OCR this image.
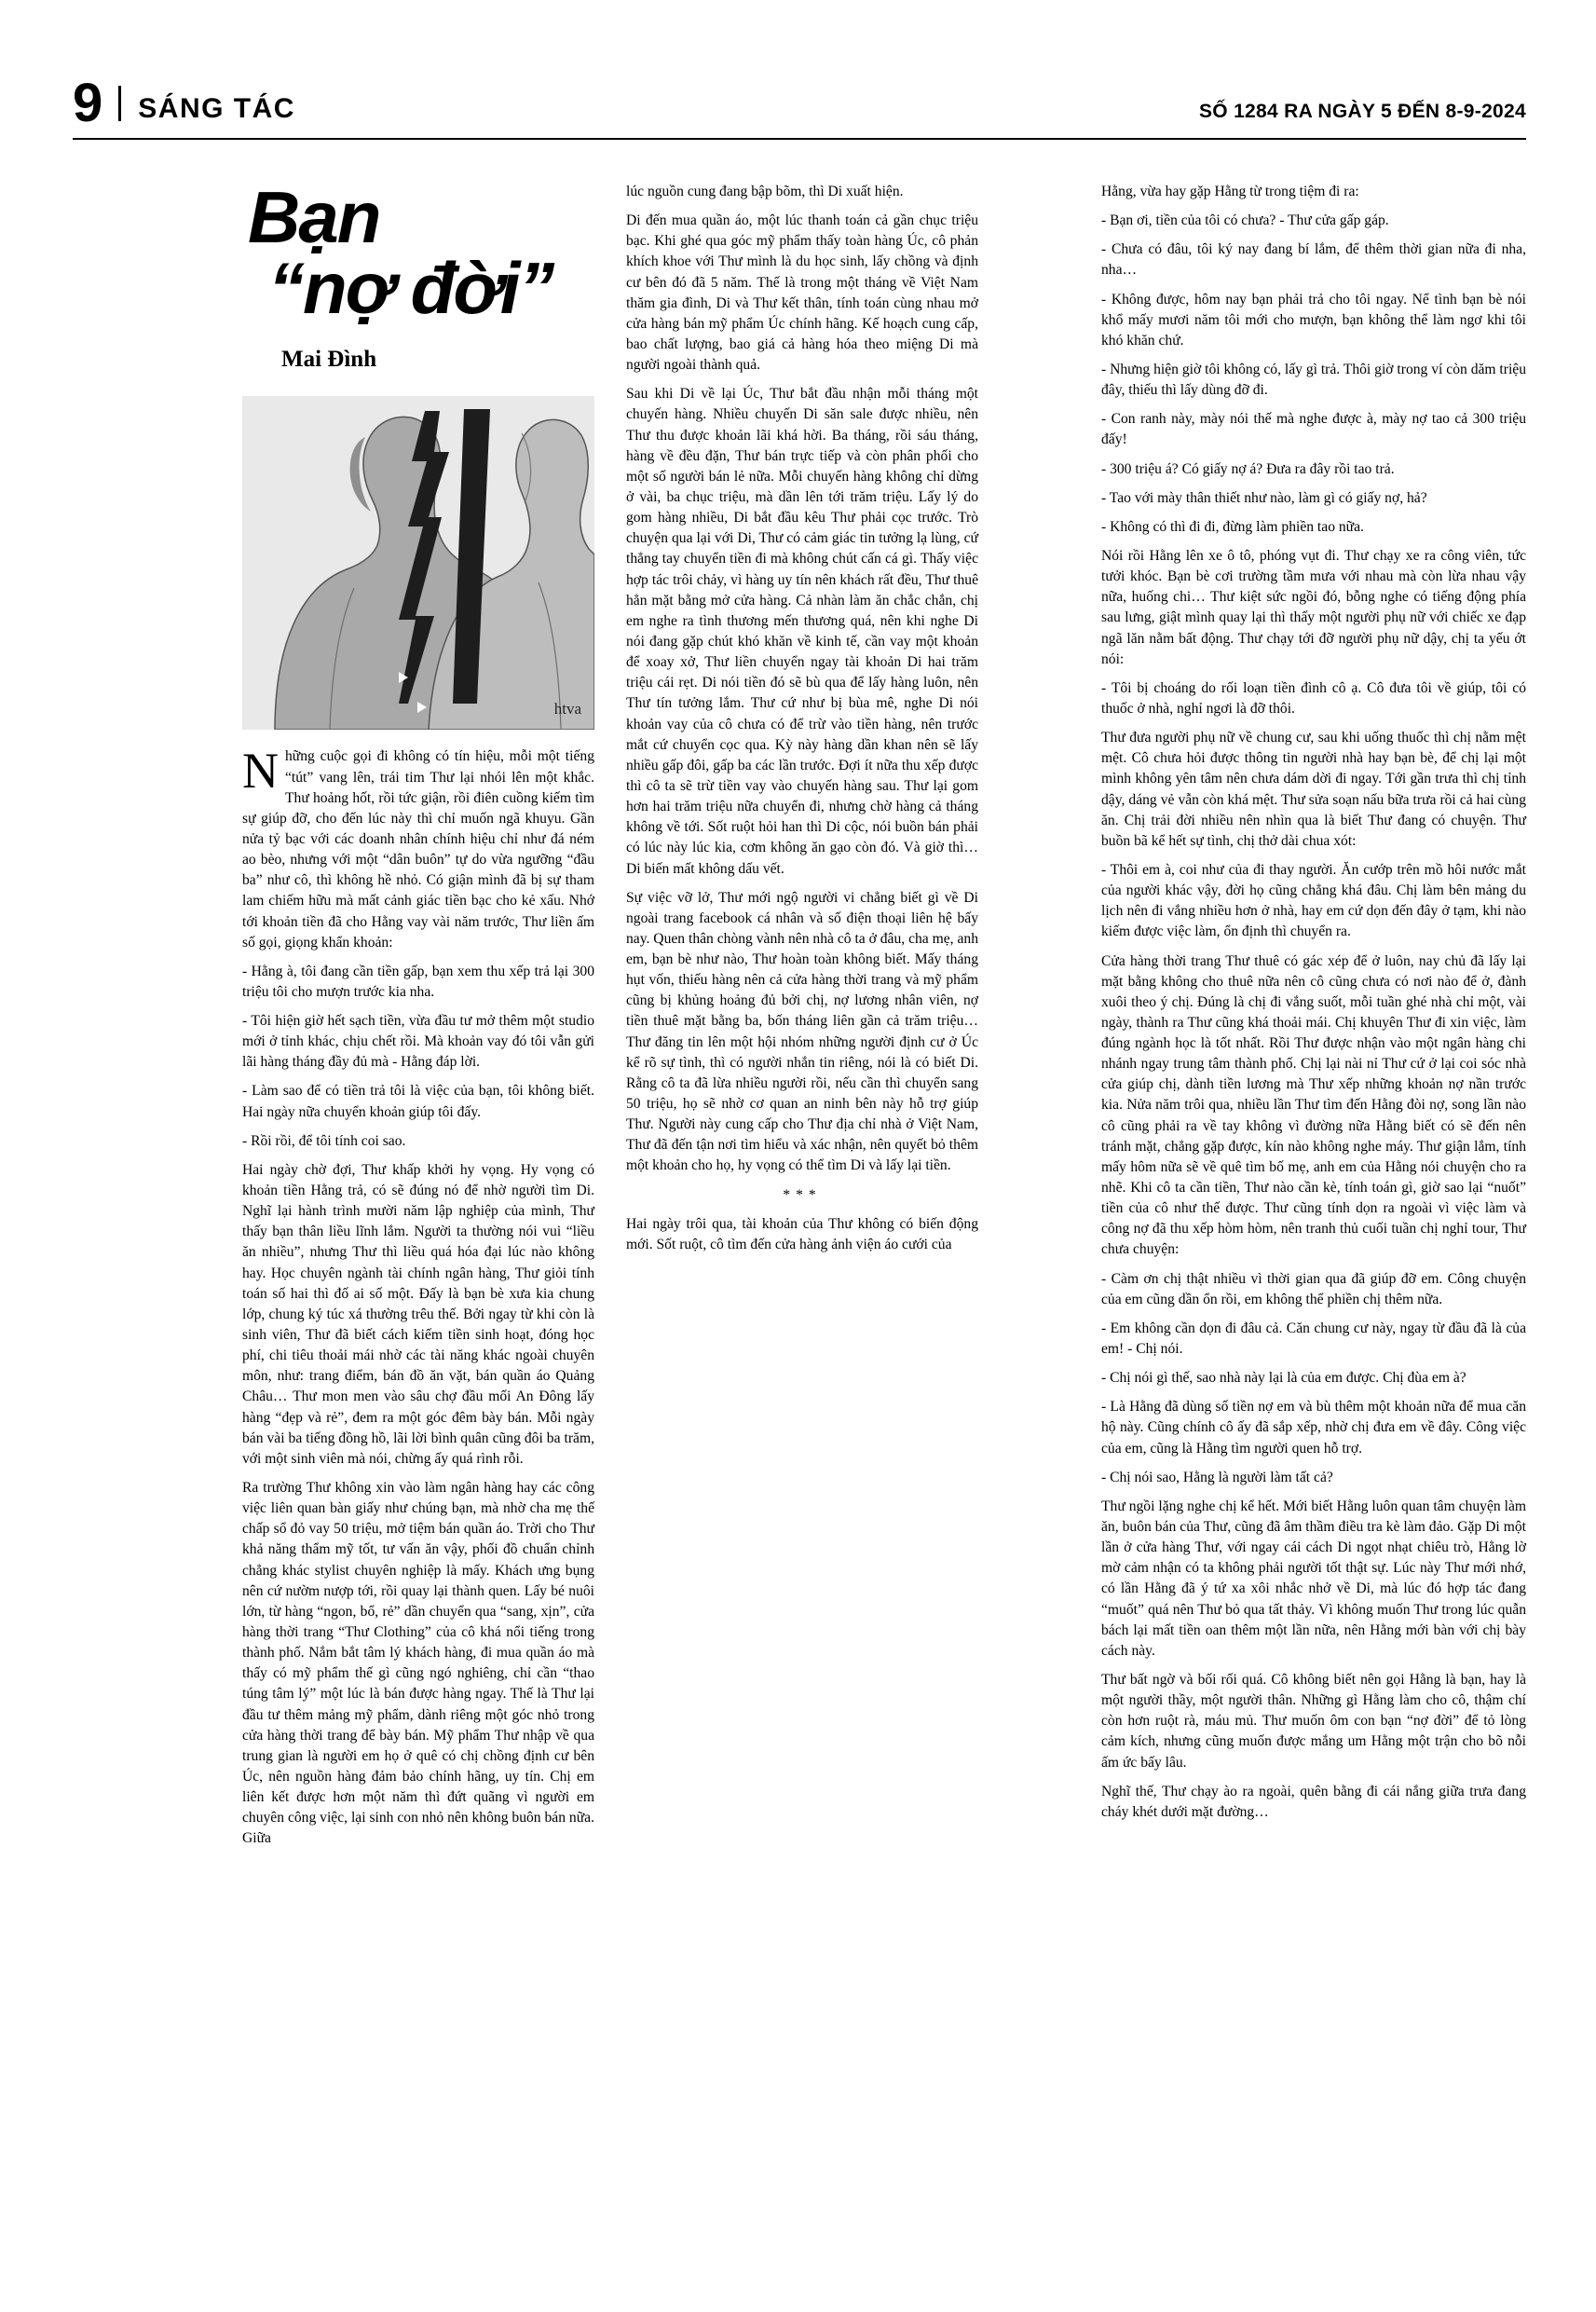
9 SÁNG TÁC	SỐ 1284 RA NGÀY 5 ĐẾN 8-9-2024
Bạn
“nợ đời”
Mai Đình
htva

Những cuộc gọi đi không có tín hiệu, mỗi một tiếng “tút” vang lên, trái tim Thư lại nhói lên một khắc. Thư hoảng hốt, rồi tức giận, rồi điên cuồng kiếm tìm sự giúp đỡ, cho đến lúc này thì chỉ muốn ngã khuyu. Gần nửa tỷ bạc với các doanh nhân chính hiệu chỉ như đá ném ao bèo, nhưng với một “dân buôn” tự do vừa ngưỡng “đầu ba” như cô, thì không hề nhỏ. Có giận mình đã bị sự tham lam chiếm hữu mà mất cảnh giác tiền bạc cho kẻ xấu. Nhớ tới khoản tiền đã cho Hằng vay vài năm trước, Thư liền ấm số gọi, giọng khẩn khoản:

- Hằng à, tôi đang cần tiền gấp, bạn xem thu xếp trả lại 300 triệu tôi cho mượn trước kia nha.

- Tôi hiện giờ hết sạch tiền, vừa đầu tư mở thêm một studio mới ở tỉnh khác, chịu chết rồi. Mà khoản vay đó tôi vẫn gửi lãi hàng tháng đầy đủ mà - Hằng đáp lời.

- Làm sao để có tiền trả tôi là việc của bạn, tôi không biết. Hai ngày nữa chuyển khoản giúp tôi đấy.

- Rồi rồi, để tôi tính coi sao.

Hai ngày chờ đợi, Thư khấp khởi hy vọng. Hy vọng có khoản tiền Hằng trả, có sẽ đúng nó để nhờ người tìm Di. Nghĩ lại hành trình mười năm lập nghiệp của mình, Thư thấy bạn thân liều lĩnh lắm. Người ta thường nói vui “liều ăn nhiều”, nhưng Thư thì liều quá hóa đại lúc nào không hay. Học chuyên ngành tài chính ngân hàng, Thư giỏi tính toán số hai thì đố ai số một. Đấy là bạn bè xưa kia chung lớp, chung ký túc xá thường trêu thế. Bởi ngay từ khi còn là sinh viên, Thư đã biết cách kiếm tiền sinh hoạt, đóng học phí, chi tiêu thoải mái nhờ các tài năng khác ngoài chuyên môn, như: trang điểm, bán đồ ăn vặt, bán quần áo Quảng Châu… Thư mon men vào sâu chợ đầu mối An Đông lấy hàng “đẹp và rẻ”, đem ra một góc đêm bày bán. Mỗi ngày bán vài ba tiếng đồng hồ, lãi lời bình quân cũng đôi ba trăm, với một sinh viên mà nói, chừng ấy quá rình rỗi.

Ra trường Thư không xin vào làm ngân hàng hay các công việc liên quan bàn giấy như chúng bạn, mà nhờ cha mẹ thế chấp sổ đỏ vay 50 triệu, mở tiệm bán quần áo. Trời cho Thư khả năng thẩm mỹ tốt, tư vấn ăn vậy, phối đồ chuẩn chỉnh chẳng khác stylist chuyên nghiệp là mấy. Khách ưng bụng nên cứ nườm nượp tới, rồi quay lại thành quen. Lấy bé nuôi lớn, từ hàng “ngon, bổ, rẻ” dần chuyển qua “sang, xịn”, cửa hàng thời trang “Thư Clothing” của cô khá nổi tiếng trong thành phố. Nắm bắt tâm lý khách hàng, đi mua quần áo mà thấy có mỹ phẩm thế gì cũng ngó nghiêng, chỉ cần “thao túng tâm lý” một lúc là bán được hàng ngay. Thế là Thư lại đầu tư thêm mảng mỹ phẩm, dành riêng một góc nhỏ trong cửa hàng thời trang để bày bán. Mỹ phẩm Thư nhập về qua trung gian là người em họ ở quê có chị chồng định cư bên Úc, nên nguồn hàng đảm bảo chính hãng, uy tín. Chị em liên kết được hơn một năm thì đứt quãng vì người em chuyên công việc, lại sinh con nhỏ nên không buôn bán nữa. Giữa

lúc nguồn cung đang bập bõm, thì Di xuất hiện.

Di đến mua quần áo, một lúc thanh toán cả gần chục triệu bạc. Khi ghé qua góc mỹ phẩm thấy toàn hàng Úc, cô phản khích khoe với Thư mình là du học sinh, lấy chồng và định cư bên đó đã 5 năm. Thế là trong một tháng về Việt Nam thăm gia đình, Di và Thư kết thân, tính toán cùng nhau mở cửa hàng bán mỹ phẩm Úc chính hãng. Kế hoạch cung cấp, bao chất lượng, bao giá cả hàng hóa theo miệng Di mà người ngoài thành quả.

Sau khi Di về lại Úc, Thư bắt đầu nhận mỗi tháng một chuyến hàng. Nhiều chuyến Di săn sale được nhiều, nên Thư thu được khoản lãi khá hời. Ba tháng, rồi sáu tháng, hàng về đều đặn, Thư bán trực tiếp và còn phân phối cho một số người bán lẻ nữa. Mỗi chuyến hàng không chỉ dừng ở vài, ba chục triệu, mà dần lên tới trăm triệu. Lấy lý do gom hàng nhiều, Di bắt đầu kêu Thư phải cọc trước. Trò chuyện qua lại với Di, Thư có cảm giác tin tưởng lạ lùng, cứ thẳng tay chuyển tiền đi mà không chút cấn cá gì. Thấy việc hợp tác trôi chảy, vì hàng uy tín nên khách rất đều, Thư thuê hẳn mặt bằng mở cửa hàng. Cả nhàn làm ăn chắc chắn, chị em nghe ra tình thương mến thương quá, nên khi nghe Di nói đang gặp chút khó khăn về kinh tế, cần vay một khoản để xoay xở, Thư liền chuyển ngay tài khoản Di hai trăm triệu cái rẹt. Di nói tiền đó sẽ bù qua để lấy hàng luôn, nên Thư tín tưởng lắm. Thư cứ như bị bùa mê, nghe Di nói khoản vay của cô chưa có để trừ vào tiền hàng, nên trước mắt cứ chuyển cọc qua. Kỳ này hàng dần khan nên sẽ lấy nhiều gấp đôi, gấp ba các lần trước. Đợi ít nữa thu xếp được thì cô ta sẽ trừ tiền vay vào chuyến hàng sau. Thư lại gom hơn hai trăm triệu nữa chuyển đi, nhưng chờ hàng cả tháng không về tới. Sốt ruột hỏi han thì Di cộc, nói buồn bán phải có lúc này lúc kia, cơm không ăn gạo còn đó. Và giờ thì… Di biến mất không dấu vết.

Sự việc vỡ lở, Thư mới ngộ người vi chẳng biết gì về Di ngoài trang facebook cá nhân và số điện thoại liên hệ bấy nay. Quen thân chòng vành nên nhà cô ta ở đâu, cha mẹ, anh em, bạn bè như nào, Thư hoàn toàn không biết. Mấy tháng hụt vốn, thiếu hàng nên cả cửa hàng thời trang và mỹ phẩm cũng bị khủng hoảng đủ bởi chị, nợ lương nhân viên, nợ tiền thuê mặt bằng ba, bốn tháng liên gần cả trăm triệu… Thư đăng tin lên một hội nhóm những người định cư ở Úc kể rõ sự tình, thì có người nhắn tin riêng, nói là có biết Di. Rằng cô ta đã lừa nhiều người rồi, nếu cần thì chuyển sang 50 triệu, họ sẽ nhờ cơ quan an ninh bên này hỗ trợ giúp Thư. Người này cung cấp cho Thư địa chỉ nhà ở Việt Nam, Thư đã đến tận nơi tìm hiểu và xác nhận, nên quyết bỏ thêm một khoản cho họ, hy vọng có thể tìm Di và lấy lại tiền.

***

Hai ngày trôi qua, tài khoản của Thư không có biến động mới. Sốt ruột, cô tìm đến cửa hàng ảnh viện áo cưới của

Hằng, vừa hay gặp Hằng từ trong tiệm đi ra:

- Bạn ơi, tiền của tôi có chưa? - Thư cửa gấp gáp.

- Chưa có đâu, tôi ký nay đang bí lắm, để thêm thời gian nữa đi nha, nha…

- Không được, hôm nay bạn phải trả cho tôi ngay. Nể tình bạn bè nói khổ mấy mươi năm tôi mới cho mượn, bạn không thể làm ngơ khi tôi khó khăn chứ.

- Nhưng hiện giờ tôi không có, lấy gì trả. Thôi giờ trong ví còn dăm triệu đây, thiếu thì lấy dùng đỡ đi.

- Con ranh này, mày nói thế mà nghe được à, mày nợ tao cả 300 triệu đấy!

- 300 triệu á? Có giấy nợ á? Đưa ra đây rồi tao trả.

- Tao với mày thân thiết như nào, làm gì có giấy nợ, hả?

- Không có thì đi đi, đừng làm phiền tao nữa.

Nói rồi Hằng lên xe ô tô, phóng vụt đi. Thư chạy xe ra công viên, tức tưởi khóc. Bạn bè cơi trường tầm mưa với nhau mà còn lừa nhau vậy nữa, huống chi… Thư kiệt sức ngồi đó, bỗng nghe có tiếng động phía sau lưng, giật mình quay lại thì thấy một người phụ nữ với chiếc xe đạp ngã lăn nằm bất động. Thư chạy tới đỡ người phụ nữ dậy, chị ta yếu ớt nói:

- Tôi bị choáng do rối loạn tiền đình cô ạ. Cô đưa tôi về giúp, tôi có thuốc ở nhà, nghỉ ngơi là đỡ thôi.

Thư đưa người phụ nữ về chung cư, sau khi uống thuốc thì chị nằm mệt mệt. Cô chưa hỏi được thông tin người nhà hay bạn bè, để chị lại một mình không yên tâm nên chưa dám dời đi ngay. Tới gần trưa thì chị tỉnh dậy, dáng vẻ vẫn còn khá mệt. Thư sửa soạn nấu bữa trưa rồi cả hai cùng ăn. Chị trải đời nhiều nên nhìn qua là biết Thư đang có chuyện. Thư buồn bã kể hết sự tình, chị thở dài chua xót:

- Thôi em à, coi như của đi thay người. Ăn cướp trên mồ hôi nước mắt của người khác vậy, đời họ cũng chẳng khá đâu. Chị làm bên mảng du lịch nên đi vắng nhiều hơn ở nhà, hay em cứ dọn đến đây ở tạm, khi nào kiếm được việc làm, ổn định thì chuyển ra.

Cửa hàng thời trang Thư thuê có gác xép để ở luôn, nay chủ đã lấy lại mặt bằng không cho thuê nữa nên cô cũng chưa có nơi nào để ở, đành xuôi theo ý chị. Đúng là chị đi vắng suốt, mỗi tuần ghé nhà chỉ một, vài ngày, thành ra Thư cũng khá thoải mái. Chị khuyên Thư đi xin việc, làm đúng ngành học là tốt nhất. Rồi Thư được nhận vào một ngân hàng chi nhánh ngay trung tâm thành phố. Chị lại nài nỉ Thư cứ ở lại coi sóc nhà cửa giúp chị, dành tiền lương mà Thư xếp những khoản nợ nần trước kia. Nửa năm trôi qua, nhiều lần Thư tìm đến Hằng đòi nợ, song lần nào cô cũng phải ra về tay không vì đường nữa Hằng biết có sẽ đến nên tránh mặt, chẳng gặp được, kín nào không nghe máy. Thư giận lắm, tính mấy hôm nữa sẽ về quê tìm bố mẹ, anh em của Hằng nói chuyện cho ra nhẽ. Khi cô ta cần tiền, Thư nào cần kè, tính toán gì, giờ sao lại “nuốt” tiền của cô như thế được. Thư cũng tính dọn ra ngoài vì việc làm và công nợ đã thu xếp hòm hòm, nên tranh thủ cuối tuần chị nghỉ tour, Thư chưa chuyện:

- Càm ơn chị thật nhiều vì thời gian qua đã giúp đỡ em. Công chuyện của em cũng dần ổn rồi, em không thể phiền chị thêm nữa.

- Em không cần dọn đi đâu cả. Căn chung cư này, ngay từ đầu đã là của em! - Chị nói.

- Chị nói gì thế, sao nhà này lại là của em được. Chị đùa em à?

- Là Hằng đã dùng số tiền nợ em và bù thêm một khoản nữa để mua căn hộ này. Cũng chính cô ấy đã sắp xếp, nhờ chị đưa em về đây. Công việc của em, cũng là Hằng tìm người quen hỗ trợ.

- Chị nói sao, Hằng là người làm tất cả?

Thư ngồi lặng nghe chị kể hết. Mới biết Hằng luôn quan tâm chuyện làm ăn, buôn bán của Thư, cũng đã âm thầm điều tra kè làm đảo. Gặp Di một lần ở cửa hàng Thư, với ngay cái cách Di ngọt nhạt chiêu trò, Hằng lờ mờ cảm nhận có ta không phải người tốt thật sự. Lúc này Thư mới nhớ, có lần Hằng đã ý tứ xa xôi nhắc nhở về Di, mà lúc đó hợp tác đang “muốt” quá nên Thư bỏ qua tất thảy. Vì không muốn Thư trong lúc quẫn bách lại mất tiền oan thêm một lần nữa, nên Hằng mới bàn với chị bày cách này.

Thư bất ngờ và bối rối quá. Cô không biết nên gọi Hằng là bạn, hay là một người thầy, một người thân. Những gì Hằng làm cho cô, thậm chí còn hơn ruột rà, máu mủ. Thư muốn ôm con bạn “nợ đời” để tỏ lòng cảm kích, nhưng cũng muốn được mắng um Hằng một trận cho bõ nỗi ấm ức bấy lâu.

Nghĩ thế, Thư chạy ào ra ngoài, quên bằng đi cái nắng giữa trưa đang cháy khét dưới mặt đường…
